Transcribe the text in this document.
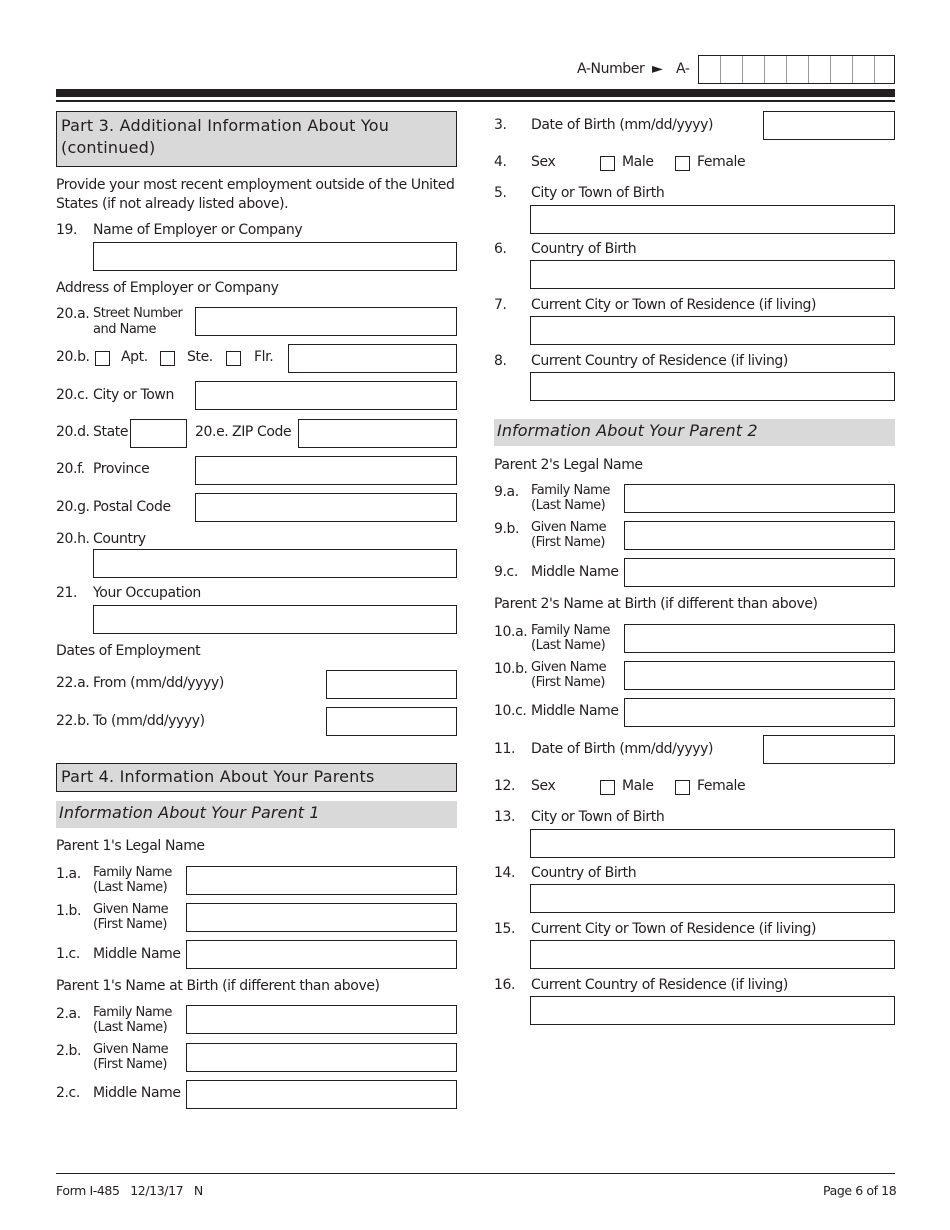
A-Number ► A-
Part 3. Additional Information About You
(continued)
Provide your most recent employment outside of the United
States (if not already listed above).
19. Name of Employer or Company
Address of Employer or Company
20.a. Street Number
and Name
20.b. Apt.	Ste.	Flr.
20.c. City or Town
20.d. State	20.e. ZIP Code
20.f. Province
20.g. Postal Code
20.h. Country
21. Your Occupation
Dates of Employment
22.a. From (mm/dd/yyyy)
22.b. To (mm/dd/yyyy)
Part 4. Information About Your Parents
Information About Your Parent 1
Parent 1's Legal Name
1.a. Family Name
(Last Name)
1.b. Given Name
(First Name)
1.c. Middle Name
Parent 1's Name at Birth (if different than above)
2.a. Family Name
(Last Name)
2.b. Given Name
(First Name)
2.c. Middle Name
3. Date of Birth (mm/dd/yyyy)
4. Sex	Male	Female
5. City or Town of Birth
6. Country of Birth
7. Current City or Town of Residence (if living)
8. Current Country of Residence (if living)
Information About Your Parent 2
Parent 2's Legal Name
9.a. Family Name
(Last Name)
9.b. Given Name
(First Name)
9.c. Middle Name
Parent 2's Name at Birth (if different than above)
10.a. Family Name
(Last Name)
10.b. Given Name
(First Name)
10.c. Middle Name
11. Date of Birth (mm/dd/yyyy)
12. Sex	Male	Female
13. City or Town of Birth
14. Country of Birth
15. Current City or Town of Residence (if living)
16. Current Country of Residence (if living)
Form I-485   12/13/17   N	Page 6 of 18
